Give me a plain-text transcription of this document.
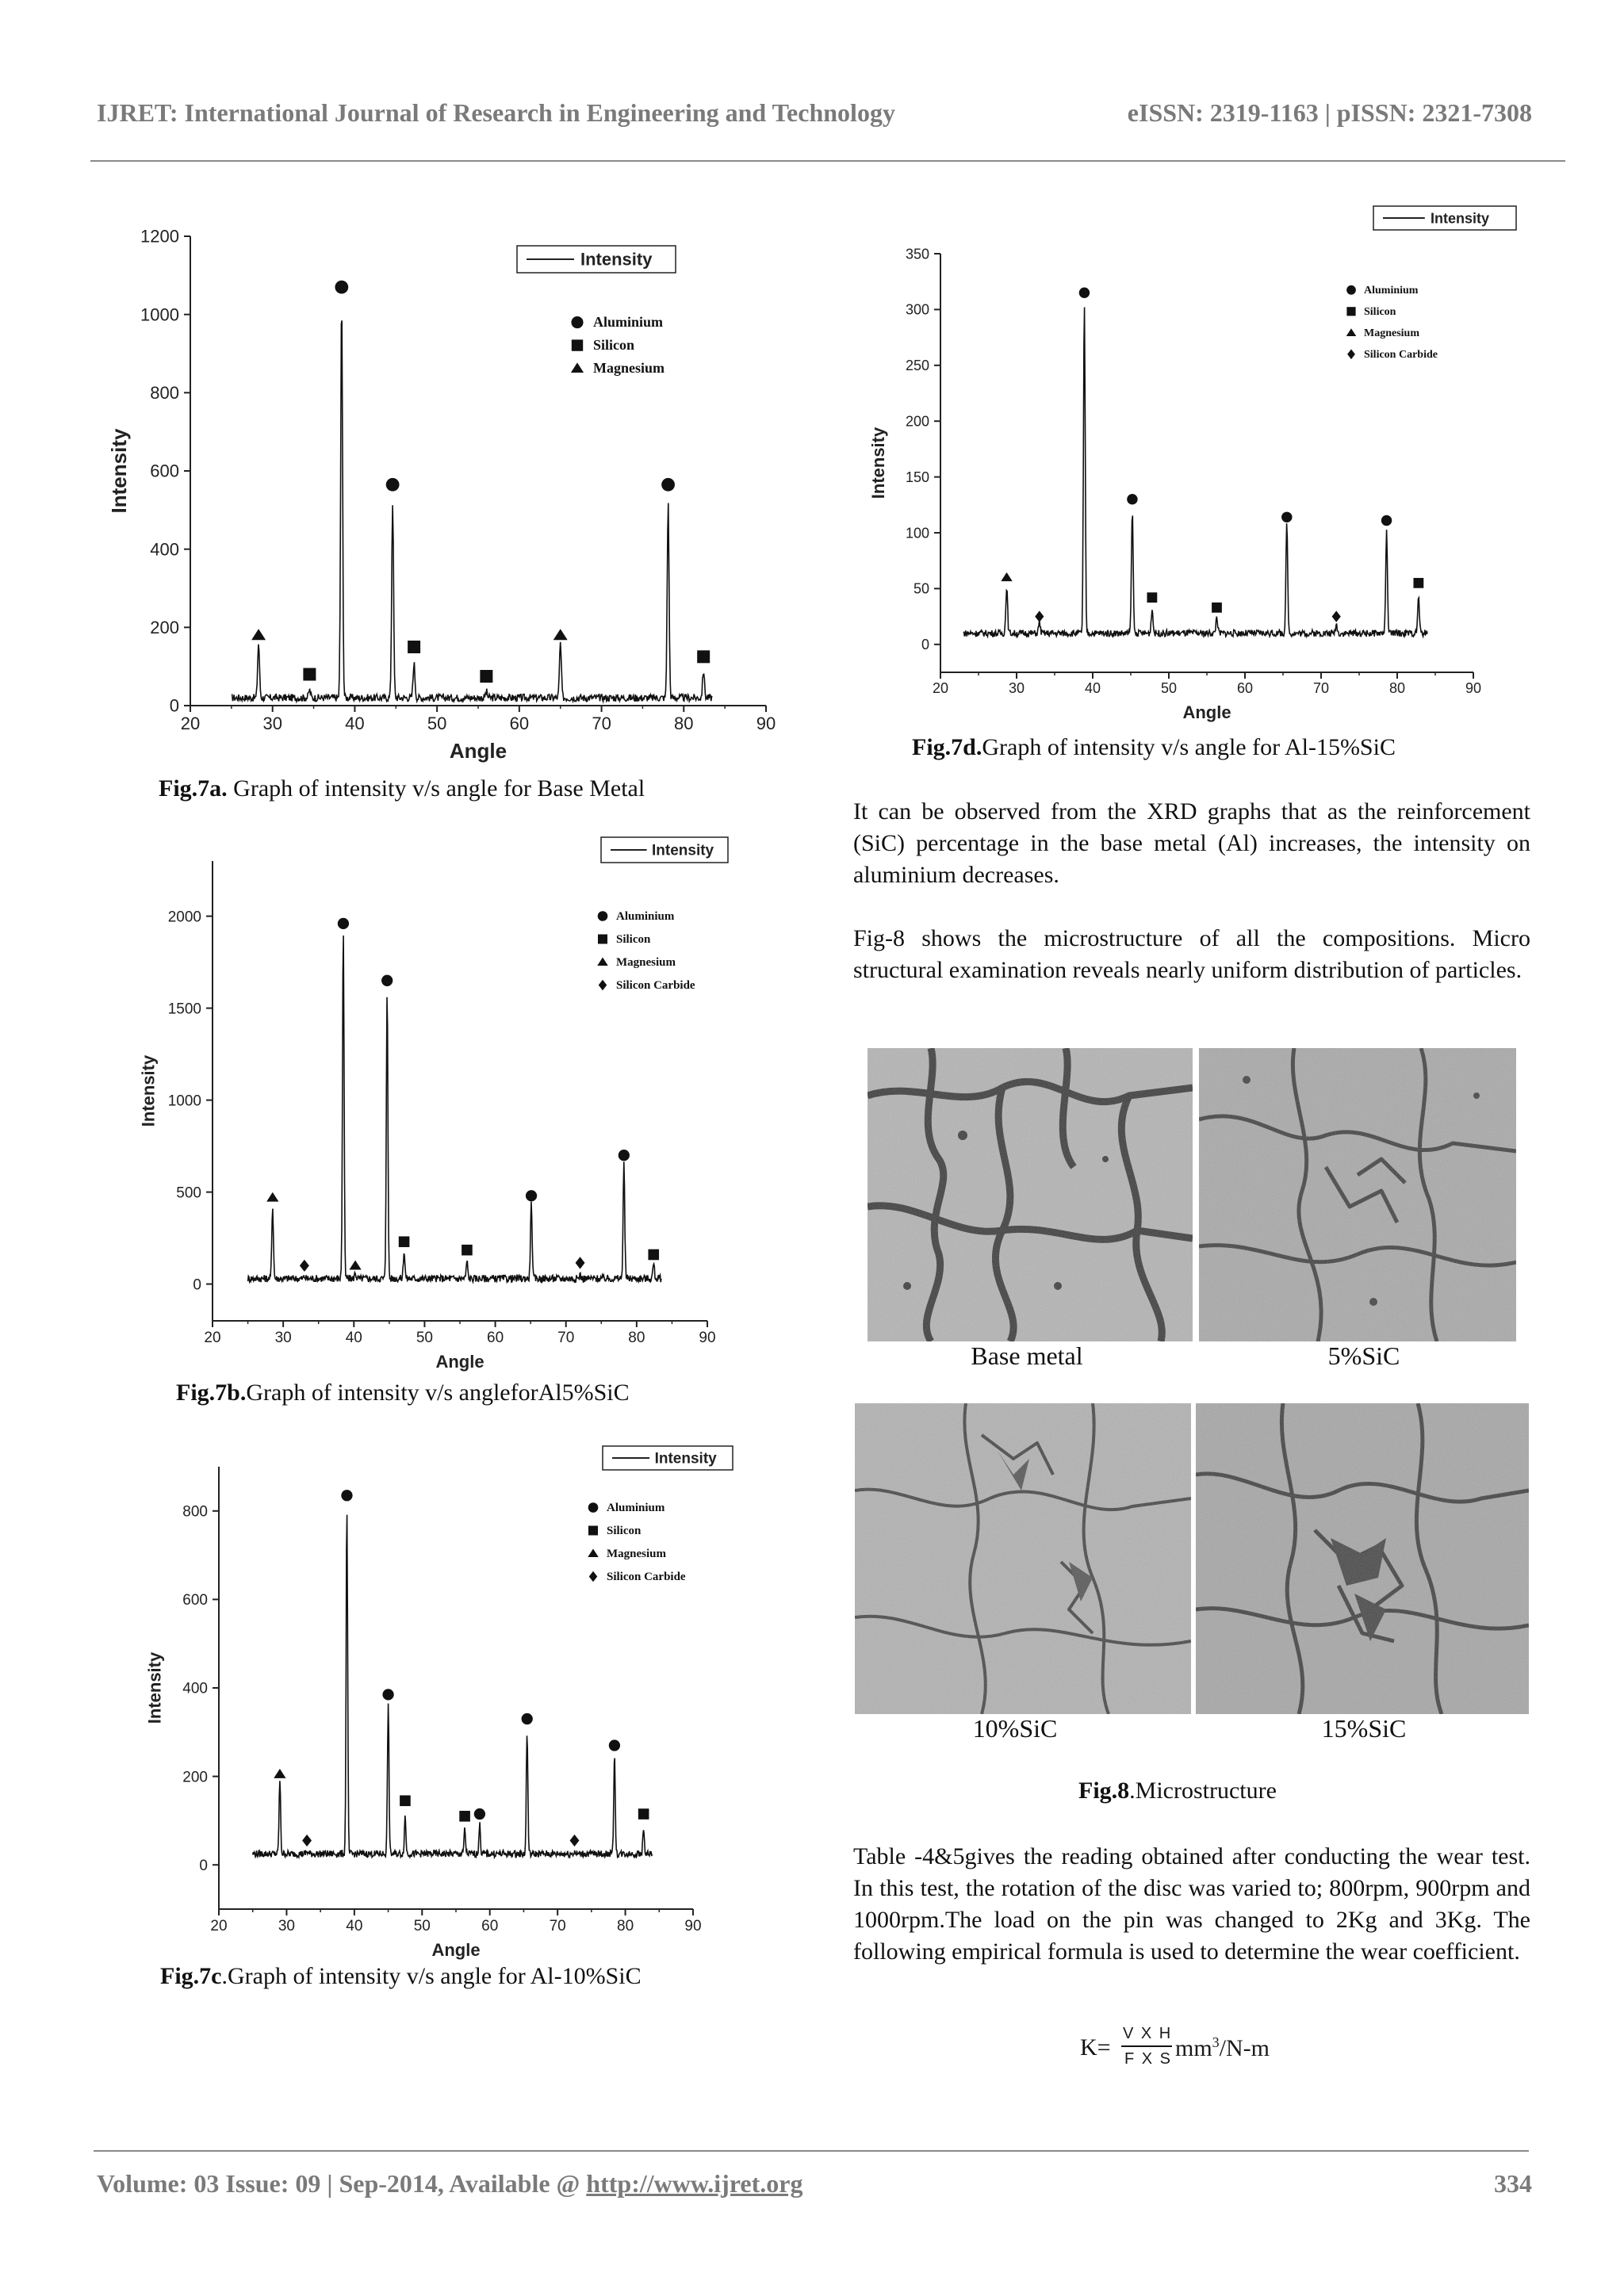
IJRET: International Journal of Research in Engineering and Technology	eISSN: 2319-1163 | pISSN: 2321-7308
20	30	40	50	60	70	80	90
0
200
400
600
800
1000
1200
Angle
Intensity
Intensity
Aluminium
Silicon
Magnesium
Fig.7a. Graph of intensity v/s angle for Base Metal
20	30	40	50	60	70	80	90
0
500
1000
1500
2000
Angle
Intensity
Intensity
Aluminium
Silicon
Magnesium
Silicon Carbide
Fig.7b.Graph of intensity v/s angleforAl5%SiC
20	30	40	50	60	70	80	90
0
200
400
600
800
Angle
Intensity
Intensity
Aluminium
Silicon
Magnesium
Silicon Carbide
Fig.7c.Graph of intensity v/s angle for Al-10%SiC
20	30	40	50	60	70	80	90
0
50
100
150
200
250
300
350
Angle
Intensity
Intensity
Aluminium
Silicon
Magnesium
Silicon Carbide
Fig.7d.Graph of intensity v/s angle for Al-15%SiC

It can be observed from the XRD graphs that as the reinforcement (SiC) percentage in the base metal (Al) increases, the intensity on aluminium decreases.

Fig-8 shows the microstructure of all the compositions. Micro structural examination reveals nearly uniform distribution of particles.

Base metal	5%SiC
10%SiC	15%SiC
Fig.8.Microstructure

Table -4&5gives the reading obtained after conducting the wear test. In this test, the rotation of the disc was varied to; 800rpm, 900rpm and 1000rpm.The load on the pin was changed to 2Kg and 3Kg. The following empirical formula is used to determine the wear coefficient.

K=
V X H
F X S $mm^3/N-m$
Volume: 03 Issue: 09 | Sep-2014, Available @ http://www.ijret.org	334
